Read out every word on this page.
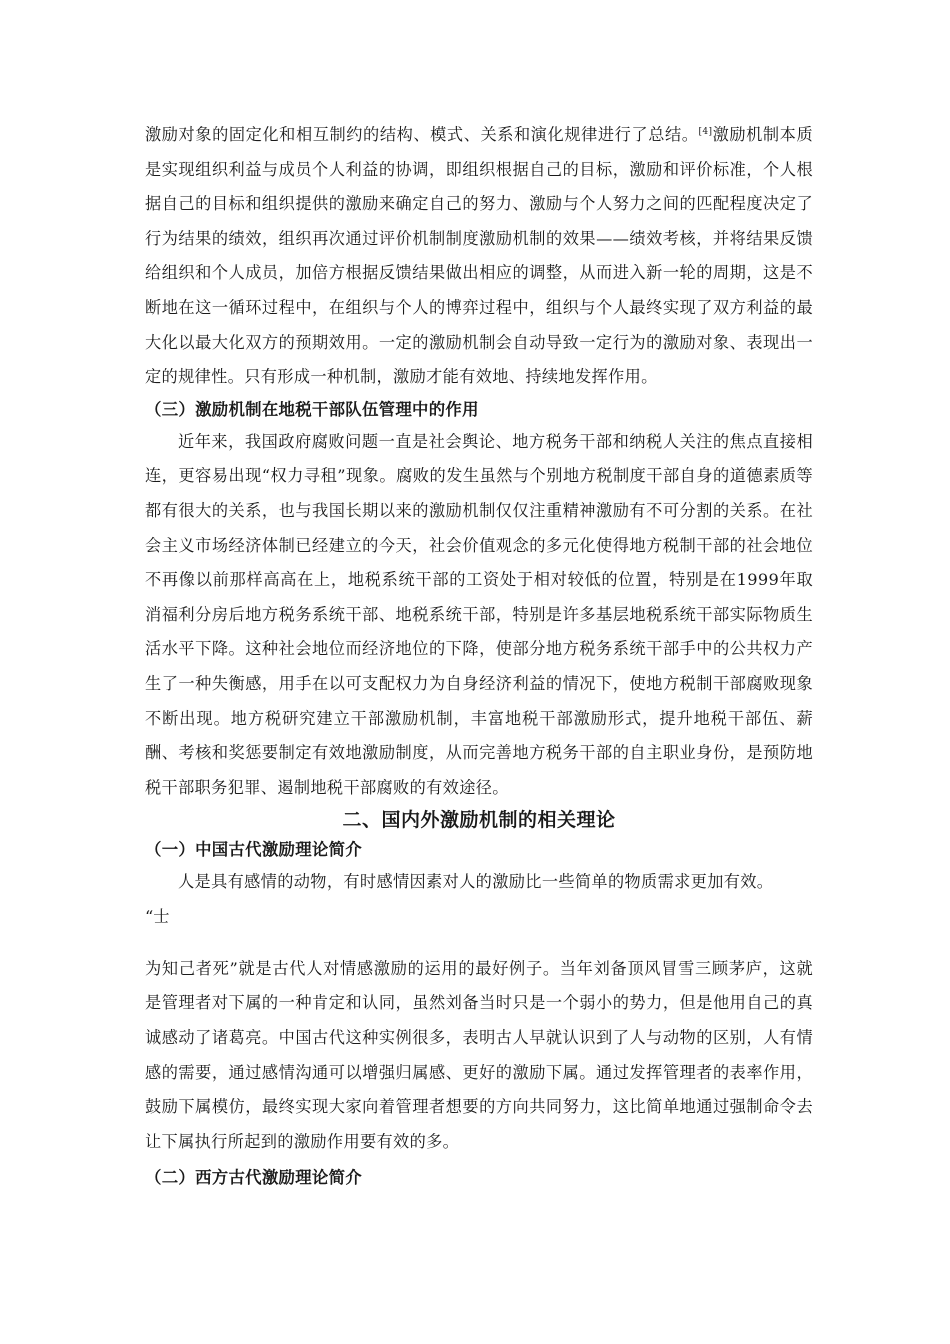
激励对象的固定化和相互制约的结构、模式、关系和演化规律进行了总结。[4]激励机制本质是实现组织利益与成员个人利益的协调，即组织根据自己的目标，激励和评价标准，个人根据自己的目标和组织提供的激励来确定自己的努力、激励与个人努力之间的匹配程度决定了行为结果的绩效，组织再次通过评价机制制度激励机制的效果——绩效考核，并将结果反馈给组织和个人成员，加倍方根据反馈结果做出相应的调整，从而进入新一轮的周期，这是不断地在这一循环过程中，在组织与个人的博弈过程中，组织与个人最终实现了双方利益的最大化以最大化双方的预期效用。一定的激励机制会自动导致一定行为的激励对象、表现出一定的规律性。只有形成一种机制，激励才能有效地、持续地发挥作用。

（三）激励机制在地税干部队伍管理中的作用

近年来，我国政府腐败问题一直是社会舆论、地方税务干部和纳税人关注的焦点直接相连，更容易出现“权力寻租”现象。腐败的发生虽然与个别地方税制度干部自身的道德素质等都有很大的关系，也与我国长期以来的激励机制仅仅注重精神激励有不可分割的关系。在社会主义市场经济体制已经建立的今天，社会价值观念的多元化使得地方税制干部的社会地位不再像以前那样高高在上，地税系统干部的工资处于相对较低的位置，特别是在1999年取消福利分房后地方税务系统干部、地税系统干部，特别是许多基层地税系统干部实际物质生活水平下降。这种社会地位而经济地位的下降，使部分地方税务系统干部手中的公共权力产生了一种失衡感，用手在以可支配权力为自身经济利益的情况下，使地方税制干部腐败现象不断出现。地方税研究建立干部激励机制，丰富地税干部激励形式，提升地税干部伍、薪酬、考核和奖惩要制定有效地激励制度，从而完善地方税务干部的自主职业身份，是预防地税干部职务犯罪、遏制地税干部腐败的有效途径。

二、国内外激励机制的相关理论
（一）中国古代激励理论简介

人是具有感情的动物，有时感情因素对人的激励比一些简单的物质需求更加有效。

“士

为知己者死”就是古代人对情感激励的运用的最好例子。当年刘备顶风冒雪三顾茅庐，这就是管理者对下属的一种肯定和认同，虽然刘备当时只是一个弱小的势力，但是他用自己的真诚感动了诸葛亮。中国古代这种实例很多，表明古人早就认识到了人与动物的区别，人有情感的需要，通过感情沟通可以增强归属感、更好的激励下属。通过发挥管理者的表率作用，鼓励下属模仿，最终实现大家向着管理者想要的方向共同努力，这比简单地通过强制命令去让下属执行所起到的激励作用要有效的多。

（二）西方古代激励理论简介
